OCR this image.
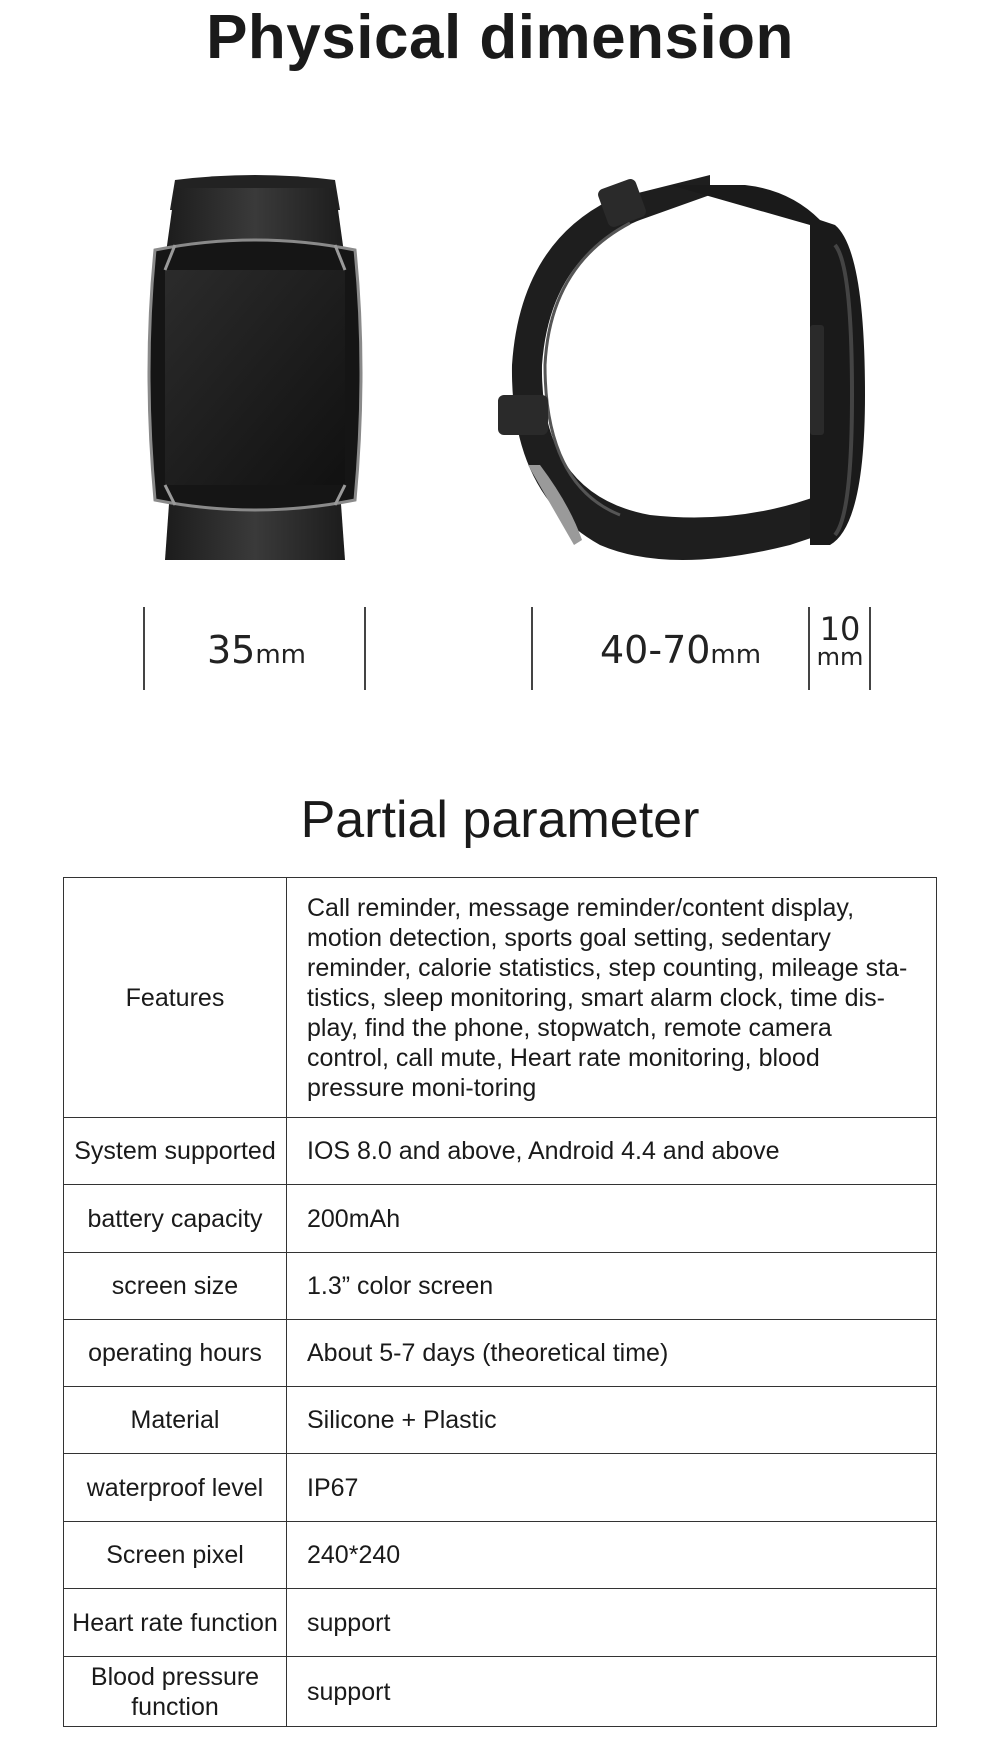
Physical dimension
35mm	40-70mm
10
mm
Partial parameter
Features	Call reminder, message reminder/content display, motion detection, sports goal setting, sedentary reminder, calorie statistics, step counting, mileage sta-tistics, sleep monitoring, smart alarm clock, time dis-play, find the phone, stopwatch, remote camera control, call mute, Heart rate monitoring, blood pressure moni-toring
System supported	IOS 8.0 and above, Android 4.4 and above
battery capacity	200mAh
screen size	1.3” color screen
operating hours	About 5-7 days (theoretical time)
Material	Silicone + Plastic
waterproof level	IP67
Screen pixel	240*240
Heart rate function	support
Blood pressure function	support
